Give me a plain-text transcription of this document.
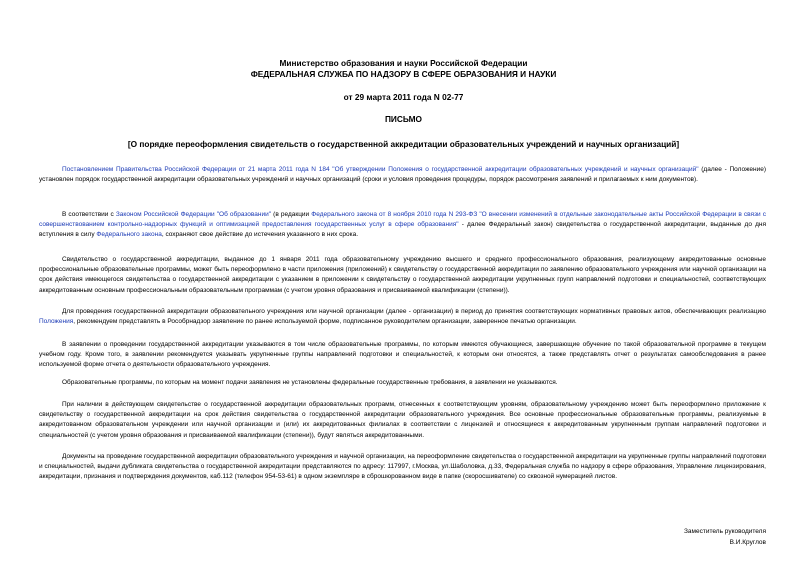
Министерство образования и науки Российской Федерации
ФЕДЕРАЛЬНАЯ СЛУЖБА ПО НАДЗОРУ В СФЕРЕ ОБРАЗОВАНИЯ И НАУКИ
от 29 марта 2011 года N 02-77
ПИСЬМО
[О порядке переоформления свидетельств о государственной аккредитации образовательных учреждений и научных организаций]
Постановлением Правительства Российской Федерации от 21 марта 2011 года N 184 "Об утверждении Положения о государственной аккредитации образовательных учреждений и научных организаций" (далее - Положение) установлен порядок государственной аккредитации образовательных учреждений и научных организаций (сроки и условия проведения процедуры, порядок рассмотрения заявлений и прилагаемых к ним документов).
В соответствии с Законом Российской Федерации "Об образовании" (в редакции Федерального закона от 8 ноября 2010 года N 293-ФЗ "О внесении изменений в отдельные законодательные акты Российской Федерации в связи с совершенствованием контрольно-надзорных функций и оптимизацией предоставления государственных услуг в сфере образования" - далее Федеральный закон) свидетельства о государственной аккредитации, выданные до дня вступления в силу Федерального закона, сохраняют свое действие до истечения указанного в них срока.
Свидетельство о государственной аккредитации, выданное до 1 января 2011 года образовательному учреждению высшего и среднего профессионального образования, реализующему аккредитованные основные профессиональные образовательные программы, может быть переоформлено в части приложения (приложений) к свидетельству о государственной аккредитации по заявлению образовательного учреждения или научной организации на срок действия имеющегося свидетельства о государственной аккредитации с указанием в приложении к свидетельству о государственной аккредитации укрупненных групп направлений подготовки и специальностей, соответствующих аккредитованным основным профессиональным образовательным программам (с учетом уровня образования и присваиваемой квалификации (степени)).
Для проведения государственной аккредитации образовательного учреждения или научной организации (далее - организации) в период до принятия соответствующих нормативных правовых актов, обеспечивающих реализацию Положения, рекомендуем представлять в Рособрнадзор заявление по ранее используемой форме, подписанное руководителем организации, заверенное печатью организации.
В заявлении о проведении государственной аккредитации указываются в том числе образовательные программы, по которым имеются обучающиеся, завершающие обучение по такой образовательной программе в текущем учебном году. Кроме того, в заявлении рекомендуется указывать укрупненные группы направлений подготовки и специальностей, к которым они относятся, а также представлять отчет о результатах самообследования в ранее используемой форме отчета о деятельности образовательного учреждения.
Образовательные программы, по которым на момент подачи заявления не установлены федеральные государственные требования, в заявлении не указываются.
При наличии в действующем свидетельстве о государственной аккредитации образовательных программ, отнесенных к соответствующим уровням, образовательному учреждению может быть переоформлено приложение к свидетельству о государственной аккредитации на срок действия свидетельства о государственной аккредитации образовательного учреждения. Все основные профессиональные образовательные программы, реализуемые в аккредитованном образовательном учреждении или научной организации и (или) их аккредитованных филиалах в соответствии с лицензией и относящиеся к аккредитованным укрупненным группам направлений подготовки и специальностей (с учетом уровня образования и присваиваемой квалификации (степени)), будут являться аккредитованными.
Документы на проведение государственной аккредитации образовательного учреждения и научной организации, на переоформление свидетельства о государственной аккредитации на укрупненные группы направлений подготовки и специальностей, выдачи дубликата свидетельства о государственной аккредитации представляются по адресу: 117997, г.Москва, ул.Шаболовка, д.33, Федеральная служба по надзору в сфере образования, Управление лицензирования, аккредитации, признания и подтверждения документов, каб.112 (телефон 954-53-61) в одном экземпляре в сброшюрованном виде в папке (скоросшивателе) со сквозной нумерацией листов.
Заместитель руководителя
В.И.Круглов
